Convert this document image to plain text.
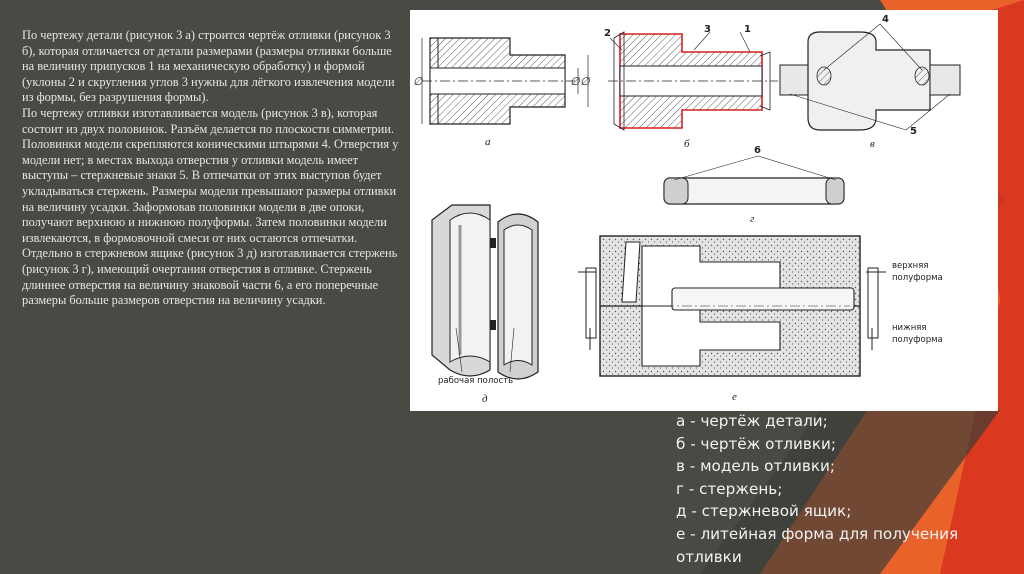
По чертежу детали (рисунок 3 а) строится чертёж отливки (рисунок 3 б), которая отличается от детали размерами (размеры отливки больше на величину припусков 1 на механическую обработку) и формой (уклоны 2 и скругления углов 3 нужны для лёгкого извлечения модели из формы, без разрушения формы).
По чертежу отливки изготавливается модель (рисунок 3 в), которая состоит из двух половинок. Разъём делается по плоскости симметрии. Половинки модели скрепляются коническими штырями 4. Отверстия у модели нет; в местах выхода отверстия у отливки модель имеет выступы – стержневые знаки 5. В отпечатки от этих выступов будет укладываться стержень. Размеры модели превышают размеры отливки на величину усадки. Заформовав половинки модели в две опоки, получают верхнюю и нижнюю полуформы. Затем половинки модели извлекаются, в формовочной смеси от них остаются отпечатки.
Отдельно в стержневом ящике (рисунок 3 д) изготавливается стержень (рисунок 3 г), имеющий очертания отверстия в отливке. Стержень длиннее отверстия на величину знаковой части 6, а его поперечные размеры больше размеров отверстия на величину усадки.
∅	∅ ∅
а
2	3	1
б
4
5
в
6
г
рабочая полость
д
верхняя
полуформа
нижняя
полуформа
е
а - чертёж детали;
б - чертёж отливки;
в - модель отливки;
г - стержень;
д - стержневой ящик;
е - литейная форма для получения отливки
